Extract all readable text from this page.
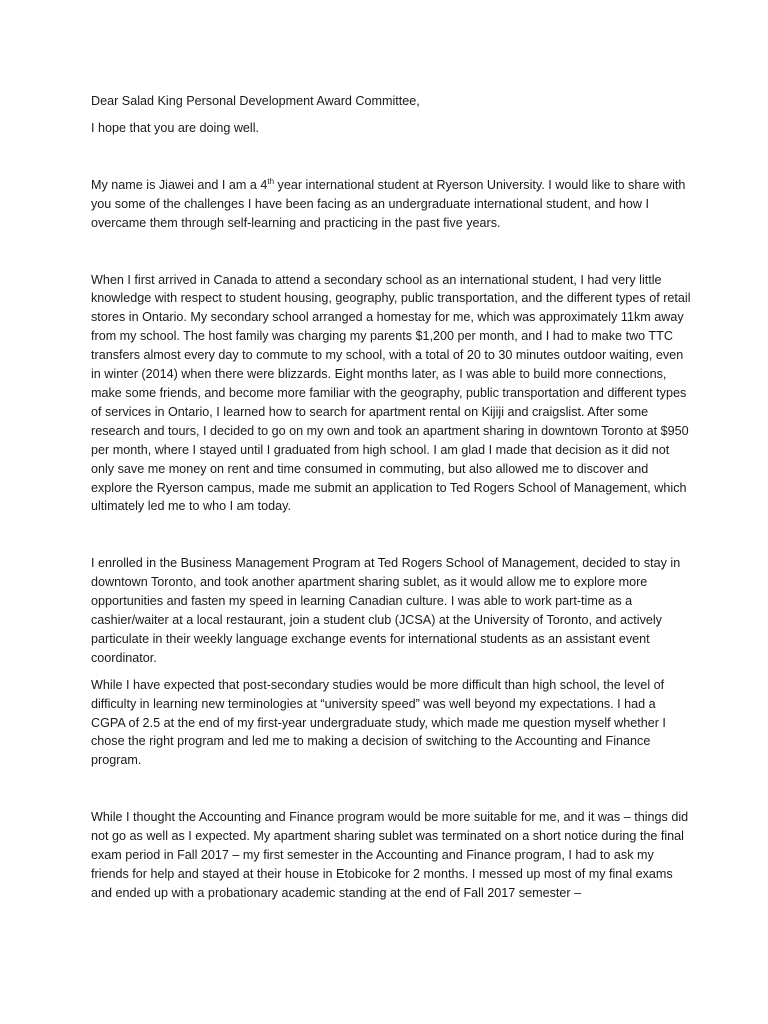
Dear Salad King Personal Development Award Committee,

I hope that you are doing well.

My name is Jiawei and I am a 4th year international student at Ryerson University. I would like to share with you some of the challenges I have been facing as an undergraduate international student, and how I overcame them through self-learning and practicing in the past five years.

When I first arrived in Canada to attend a secondary school as an international student, I had very little knowledge with respect to student housing, geography, public transportation, and the different types of retail stores in Ontario. My secondary school arranged a homestay for me, which was approximately 11km away from my school. The host family was charging my parents $1,200 per month, and I had to make two TTC transfers almost every day to commute to my school, with a total of 20 to 30 minutes outdoor waiting, even in winter (2014) when there were blizzards. Eight months later, as I was able to build more connections, make some friends, and become more familiar with the geography, public transportation and different types of services in Ontario, I learned how to search for apartment rental on Kijiji and craigslist. After some research and tours, I decided to go on my own and took an apartment sharing in downtown Toronto at $950 per month, where I stayed until I graduated from high school. I am glad I made that decision as it did not only save me money on rent and time consumed in commuting, but also allowed me to discover and explore the Ryerson campus, made me submit an application to Ted Rogers School of Management, which ultimately led me to who I am today.

I enrolled in the Business Management Program at Ted Rogers School of Management, decided to stay in downtown Toronto, and took another apartment sharing sublet, as it would allow me to explore more opportunities and fasten my speed in learning Canadian culture. I was able to work part-time as a cashier/waiter at a local restaurant, join a student club (JCSA) at the University of Toronto, and actively particulate in their weekly language exchange events for international students as an assistant event coordinator.

While I have expected that post-secondary studies would be more difficult than high school, the level of difficulty in learning new terminologies at “university speed” was well beyond my expectations. I had a CGPA of 2.5 at the end of my first-year undergraduate study, which made me question myself whether I chose the right program and led me to making a decision of switching to the Accounting and Finance program.

While I thought the Accounting and Finance program would be more suitable for me, and it was – things did not go as well as I expected. My apartment sharing sublet was terminated on a short notice during the final exam period in Fall 2017 – my first semester in the Accounting and Finance program, I had to ask my friends for help and stayed at their house in Etobicoke for 2 months. I messed up most of my final exams and ended up with a probationary academic standing at the end of Fall 2017 semester –
